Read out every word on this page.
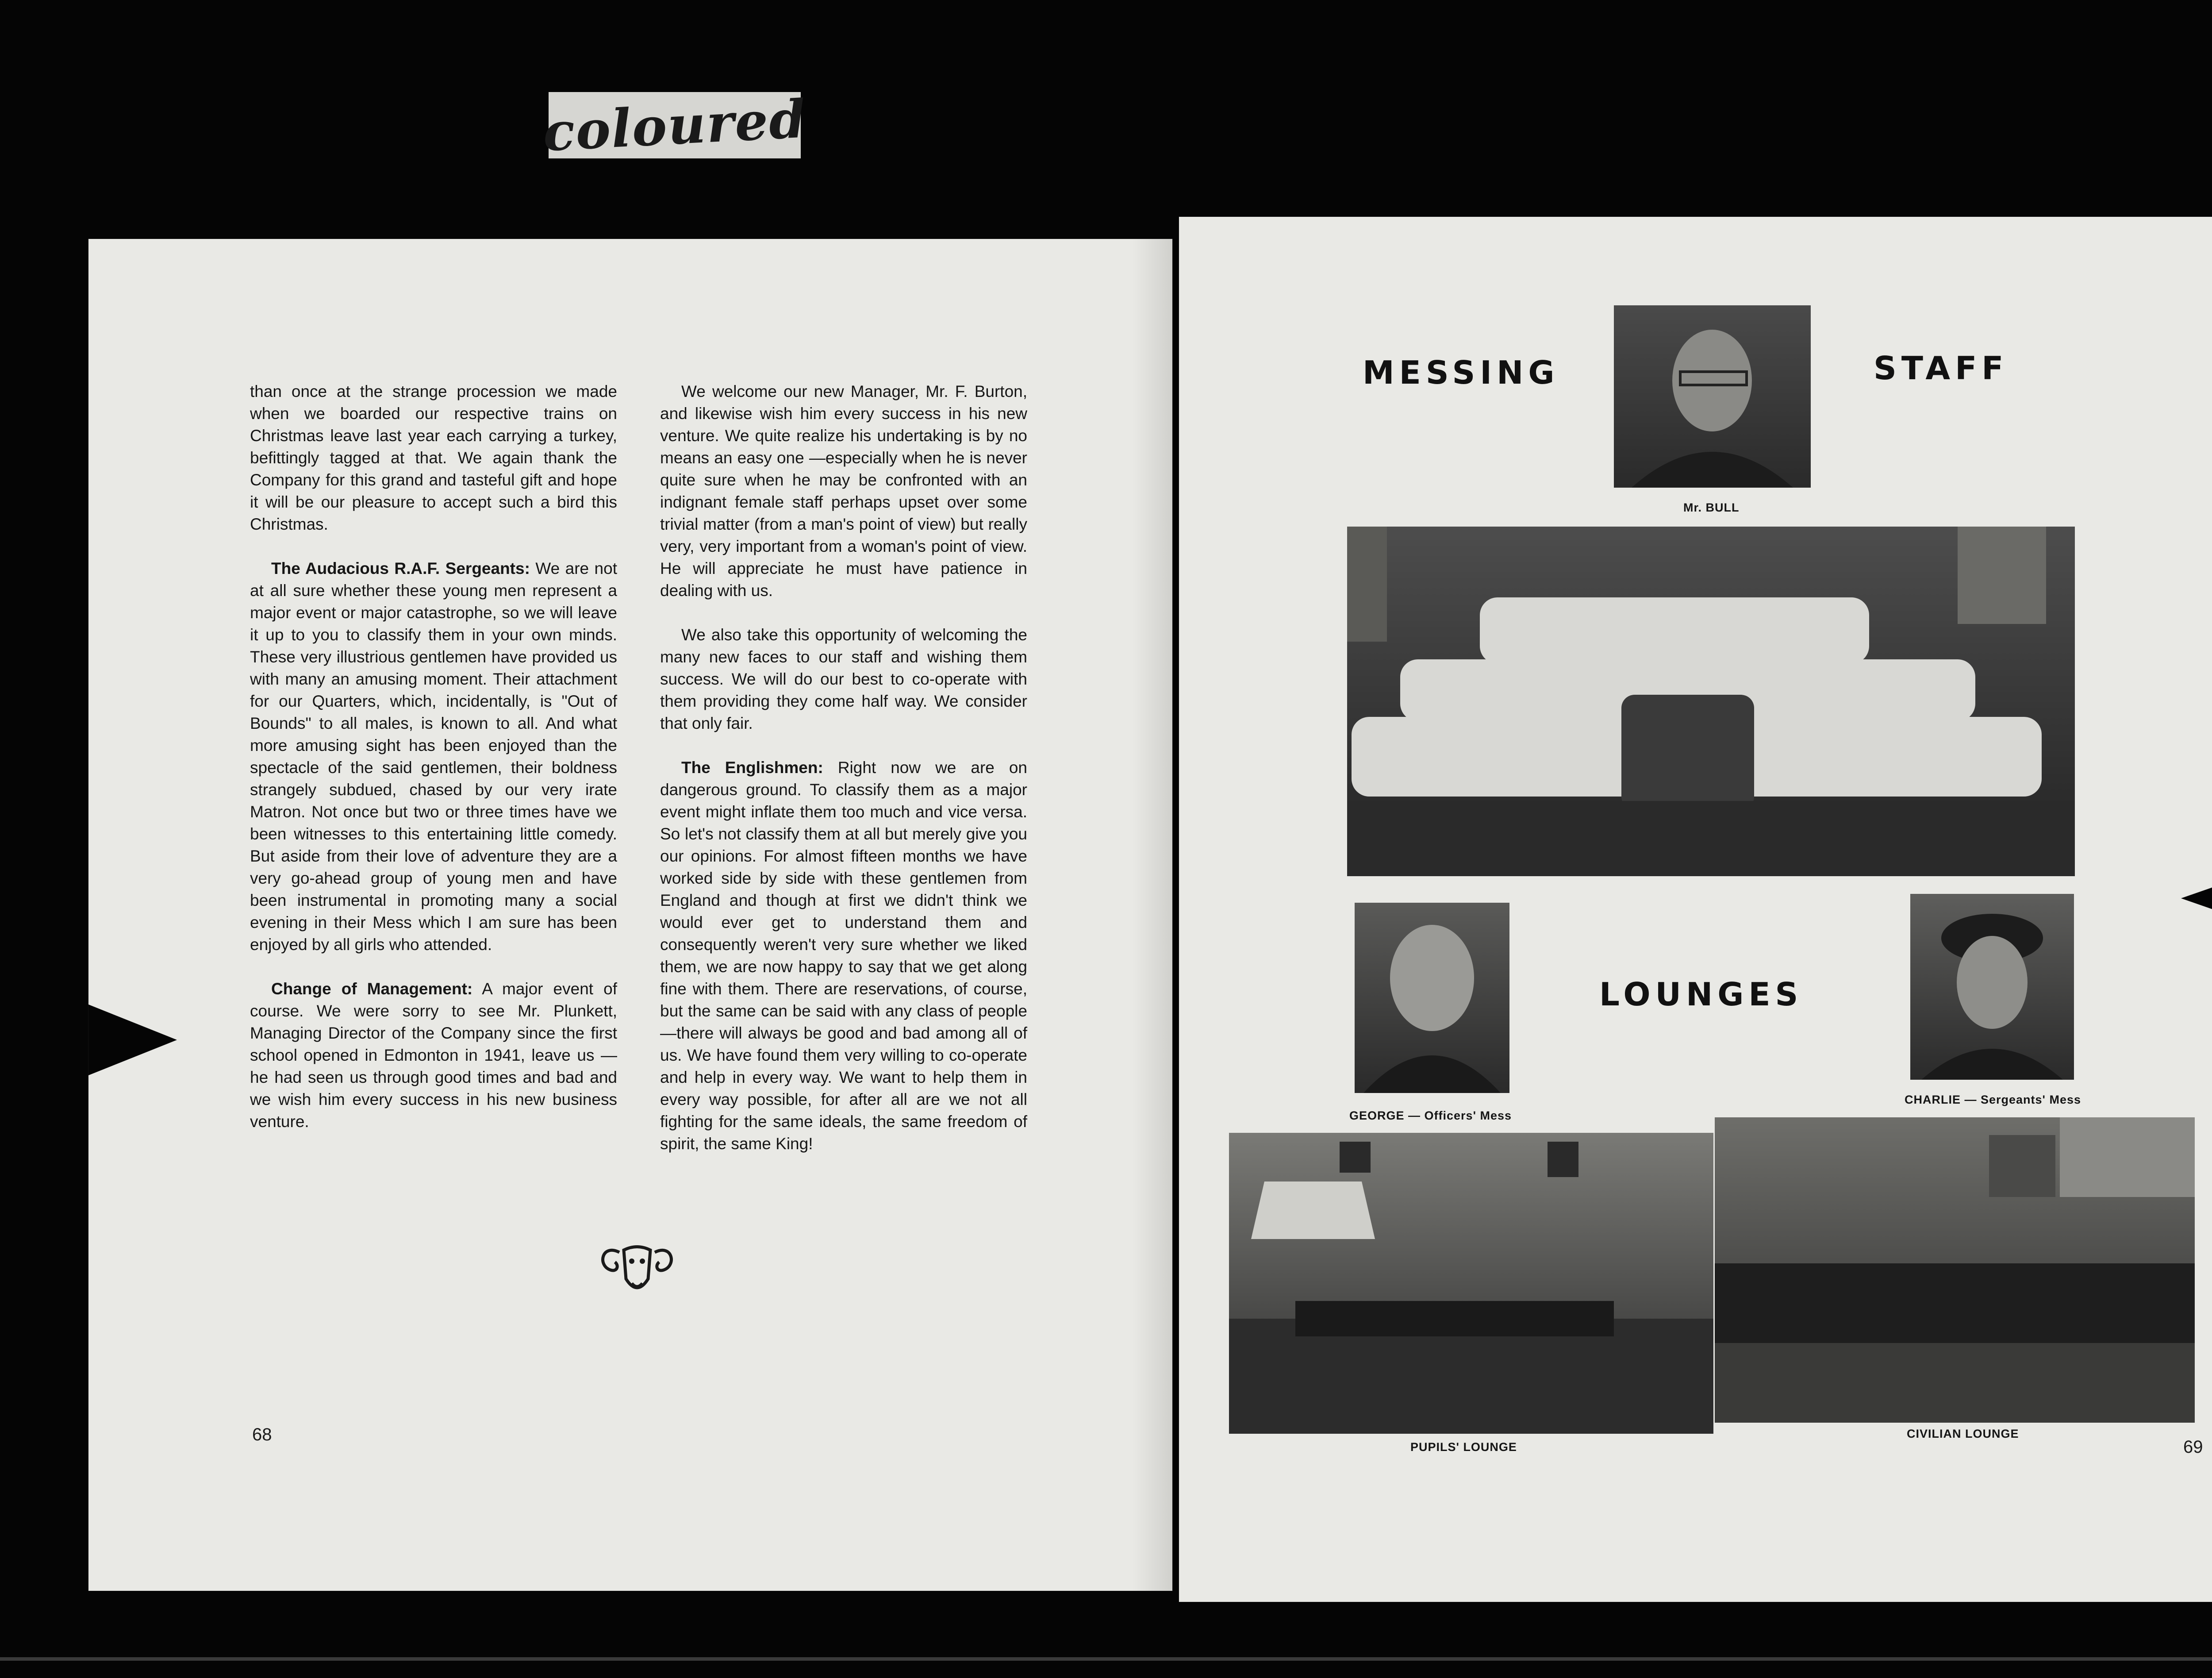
coloured

than once at the strange procession we made when we boarded our respective trains on Christmas leave last year each carrying a turkey, befittingly tagged at that. We again thank the Company for this grand and tasteful gift and hope it will be our pleasure to accept such a bird this Christmas.

The Audacious R.A.F. Sergeants: We are not at all sure whether these young men represent a major event or major catastrophe, so we will leave it up to you to classify them in your own minds. These very illustrious gentlemen have provided us with many an amusing moment. Their attachment for our Quarters, which, incidentally, is "Out of Bounds" to all males, is known to all. And what more amusing sight has been enjoyed than the spectacle of the said gentlemen, their boldness strangely subdued, chased by our very irate Matron. Not once but two or three times have we been witnesses to this entertaining little comedy. But aside from their love of adventure they are a very go-ahead group of young men and have been instrumental in promoting many a social evening in their Mess which I am sure has been enjoyed by all girls who attended.

Change of Management: A major event of course. We were sorry to see Mr. Plunkett, Managing Director of the Company since the first school opened in Edmonton in 1941, leave us — he had seen us through good times and bad and we wish him every success in his new business venture.

We welcome our new Manager, Mr. F. Burton, and likewise wish him every success in his new venture. We quite realize his undertaking is by no means an easy one —especially when he is never quite sure when he may be confronted with an indignant female staff perhaps upset over some trivial matter (from a man's point of view) but really very, very important from a woman's point of view. He will appreciate he must have patience in dealing with us.

We also take this opportunity of welcoming the many new faces to our staff and wishing them success. We will do our best to co-operate with them providing they come half way. We consider that only fair.

The Englishmen: Right now we are on dangerous ground. To classify them as a major event might inflate them too much and vice versa. So let's not classify them at all but merely give you our opinions. For almost fifteen months we have worked side by side with these gentlemen from England and though at first we didn't think we would ever get to understand them and consequently weren't very sure whether we liked them, we are now happy to say that we get along fine with them. There are reservations, of course, but the same can be said with any class of people—there will always be good and bad among all of us. We have found them very willing to co-operate and help in every way. We want to help them in every way possible, for after all are we not all fighting for the same ideals, the same freedom of spirit, the same King!

68
MESSING	STAFF
Mr. BULL
LOUNGES
GEORGE — Officers' Mess
CHARLIE — Sergeants' Mess
PUPILS' LOUNGE
CIVILIAN LOUNGE
69
